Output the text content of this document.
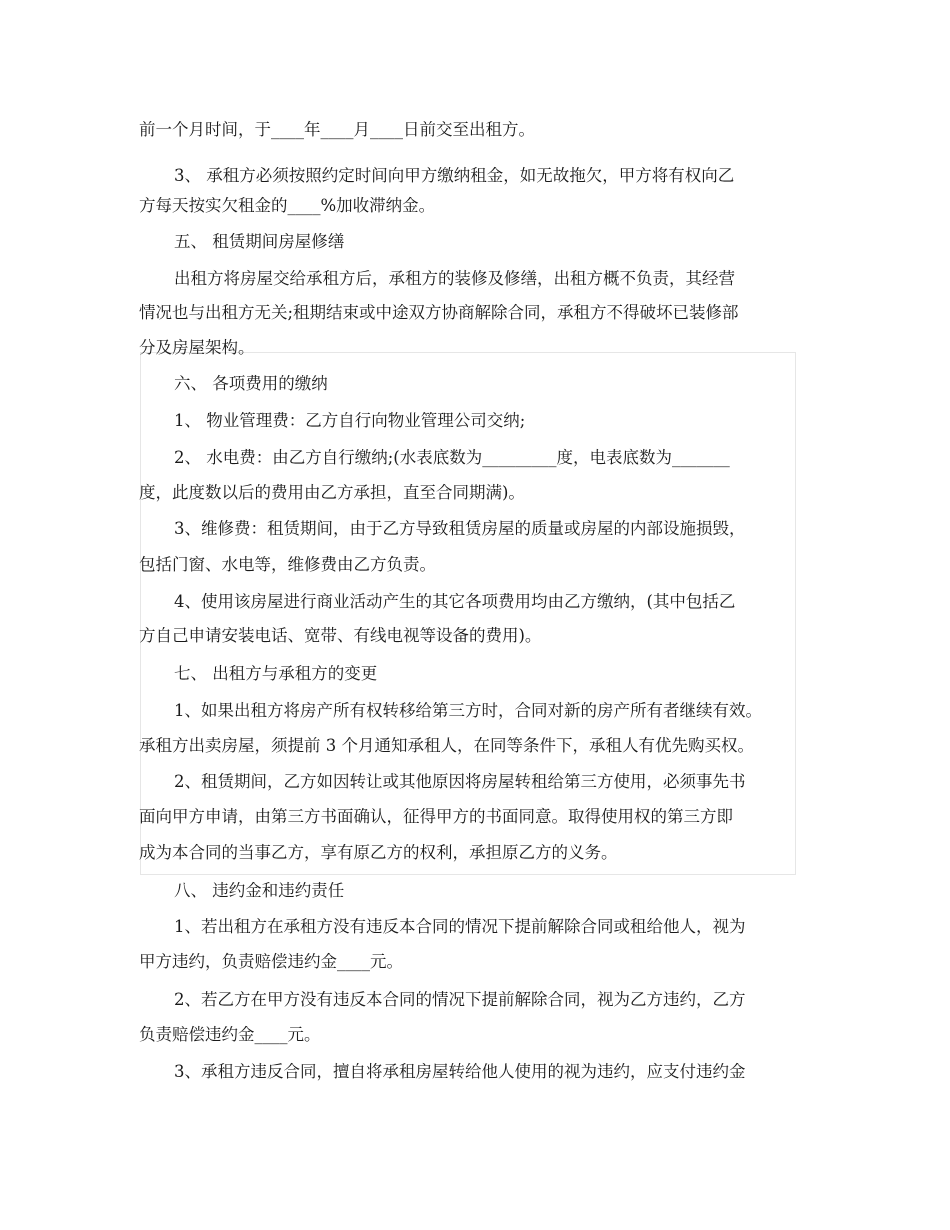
前一个月时间，于____年____月____日前交至出租方。
3、 承租方必须按照约定时间向甲方缴纳租金，如无故拖欠，甲方将有权向乙
方每天按实欠租金的____%加收滞纳金。
五、 租赁期间房屋修缮
出租方将房屋交给承租方后，承租方的装修及修缮，出租方概不负责，其经营
情况也与出租方无关;租期结束或中途双方协商解除合同，承租方不得破坏已装修部
分及房屋架构。
六、 各项费用的缴纳
1、 物业管理费：乙方自行向物业管理公司交纳;
2、 水电费：由乙方自行缴纳;(水表底数为_________度，电表底数为_______
度，此度数以后的费用由乙方承担，直至合同期满)。
3、维修费：租赁期间，由于乙方导致租赁房屋的质量或房屋的内部设施损毁，
包括门窗、水电等，维修费由乙方负责。
4、使用该房屋进行商业活动产生的其它各项费用均由乙方缴纳，(其中包括乙
方自己申请安装电话、宽带、有线电视等设备的费用)。
七、 出租方与承租方的变更
1、如果出租方将房产所有权转移给第三方时，合同对新的房产所有者继续有效。
承租方出卖房屋，须提前 3 个月通知承租人，在同等条件下，承租人有优先购买权。
2、租赁期间，乙方如因转让或其他原因将房屋转租给第三方使用，必须事先书
面向甲方申请，由第三方书面确认，征得甲方的书面同意。取得使用权的第三方即
成为本合同的当事乙方，享有原乙方的权利，承担原乙方的义务。
八、 违约金和违约责任
1、若出租方在承租方没有违反本合同的情况下提前解除合同或租给他人，视为
甲方违约，负责赔偿违约金____元。
2、若乙方在甲方没有违反本合同的情况下提前解除合同，视为乙方违约，乙方
负责赔偿违约金____元。
3、承租方违反合同，擅自将承租房屋转给他人使用的视为违约，应支付违约金
